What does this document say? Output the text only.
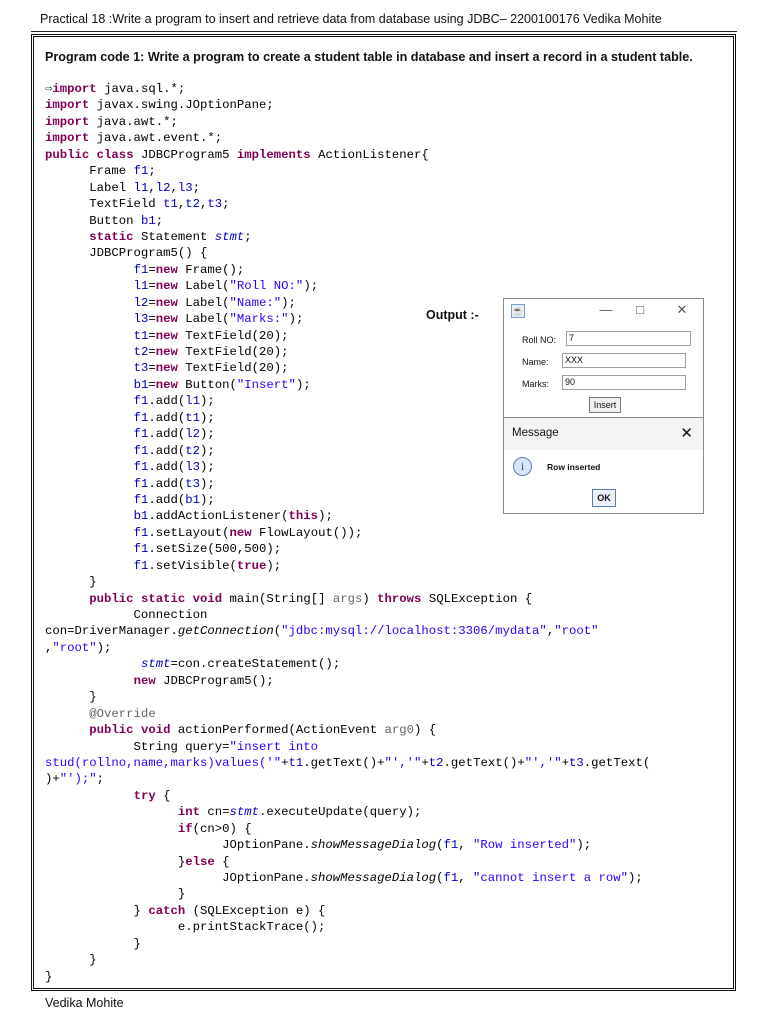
Practical 18 :Write a program to insert and retrieve data from database using JDBC– 2200100176 Vedika Mohite
Program code 1: Write a program to create a student table in database and insert a record in a student table.
⇨import java.sql.*;
import javax.swing.JOptionPane;
import java.awt.*;
import java.awt.event.*;
public class JDBCProgram5 implements ActionListener{
Frame f1;
Label l1,l2,l3;
TextField t1,t2,t3;
Button b1;
static Statement stmt;
JDBCProgram5() {
f1=new Frame();
l1=new Label("Roll NO:");
l2=new Label("Name:");
l3=new Label("Marks:");
t1=new TextField(20);
t2=new TextField(20);
t3=new TextField(20);
b1=new Button("Insert");
f1.add(l1);
f1.add(t1);
f1.add(l2);
f1.add(t2);
f1.add(l3);
f1.add(t3);
f1.add(b1);
b1.addActionListener(this);
f1.setLayout(new FlowLayout());
f1.setSize(500,500);
f1.setVisible(true);
}
public static void main(String[] args) throws SQLException {
Connection
con=DriverManager.getConnection("jdbc:mysql://localhost:3306/mydata","root"
,"root");
stmt=con.createStatement();
new JDBCProgram5();
}
@Override
public void actionPerformed(ActionEvent arg0) {
String query="insert into
stud(rollno,name,marks)values('"+t1.getText()+"','"+t2.getText()+"','"+t3.getText(
)+"');";
try {
int cn=stmt.executeUpdate(query);
if(cn>0) {
JOptionPane.showMessageDialog(f1, "Row inserted");
}else {
JOptionPane.showMessageDialog(f1, "cannot insert a row");
}
} catch (SQLException e) {
e.printStackTrace();
}
}
}
Output :-	☕	—	□	✕
Roll NO:	7
Name:	XXX
Marks:	90
Insert
Message	✕
i	Row inserted
OK
Vedika Mohite
